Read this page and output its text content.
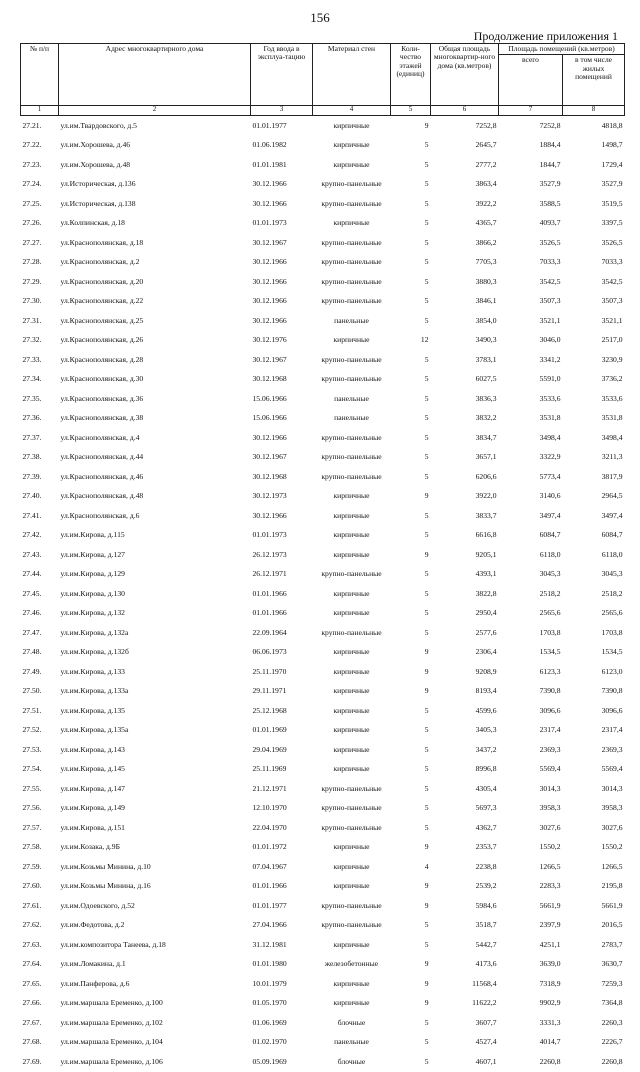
156
Продолжение приложения 1
№ п/п	Адрес многоквартирного дома	Год ввода в эксплуа-тацию	Материал стен	Коли-чество этажей (единиц)	Общая площадь многоквартир-ного дома (кв.метров)	Площадь помещений (кв.метров)	
						всего	в том числе жилых помещений
1	2	3	4	5	6	7	8
27.21.	ул.им.Твардовского, д.5	01.01.1977	кирпичные	9	7252,8	7252,8	4818,8
27.22.	ул.им.Хорошева, д.46	01.06.1982	кирпичные	5	2645,7	1884,4	1498,7
27.23.	ул.им.Хорошева, д.48	01.01.1981	кирпичные	5	2777,2	1844,7	1729,4
27.24.	ул.Историческая, д.136	30.12.1966	крупно-панельные	5	3863,4	3527,9	3527,9
27.25.	ул.Историческая, д.138	30.12.1966	крупно-панельные	5	3922,2	3588,5	3519,5
27.26.	ул.Колпинская, д.18	01.01.1973	кирпичные	5	4365,7	4093,7	3397,5
27.27.	ул.Краснополянская, д.18	30.12.1967	крупно-панельные	5	3866,2	3526,5	3526,5
27.28.	ул.Краснополянская, д.2	30.12.1966	крупно-панельные	5	7705,3	7033,3	7033,3
27.29.	ул.Краснополянская, д.20	30.12.1966	крупно-панельные	5	3880,3	3542,5	3542,5
27.30.	ул.Краснополянская, д.22	30.12.1966	крупно-панельные	5	3846,1	3507,3	3507,3
27.31.	ул.Краснополянская, д.25	30.12.1966	панельные	5	3854,0	3521,1	3521,1
27.32.	ул.Краснополянская, д.26	30.12.1976	кирпичные	12	3490,3	3046,0	2517,0
27.33.	ул.Краснополянская, д.28	30.12.1967	крупно-панельные	5	3783,1	3341,2	3230,9
27.34.	ул.Краснополянская, д.30	30.12.1968	крупно-панельные	5	6027,5	5591,0	3736,2
27.35.	ул.Краснополянская, д.36	15.06.1966	панельные	5	3836,3	3533,6	3533,6
27.36.	ул.Краснополянская, д.38	15.06.1966	панельные	5	3832,2	3531,8	3531,8
27.37.	ул.Краснополянская, д.4	30.12.1966	крупно-панельные	5	3834,7	3498,4	3498,4
27.38.	ул.Краснополянская, д.44	30.12.1967	крупно-панельные	5	3657,1	3322,9	3211,3
27.39.	ул.Краснополянская, д.46	30.12.1968	крупно-панельные	5	6206,6	5773,4	3817,9
27.40.	ул.Краснополянская, д.48	30.12.1973	кирпичные	9	3922,0	3140,6	2964,5
27.41.	ул.Краснополянская, д.6	30.12.1966	кирпичные	5	3833,7	3497,4	3497,4
27.42.	ул.им.Кирова, д.115	01.01.1973	кирпичные	5	6616,8	6084,7	6084,7
27.43.	ул.им.Кирова, д.127	26.12.1973	кирпичные	9	9205,1	6118,0	6118,0
27.44.	ул.им.Кирова, д.129	26.12.1971	крупно-панельные	5	4393,1	3045,3	3045,3
27.45.	ул.им.Кирова, д.130	01.01.1966	кирпичные	5	3822,8	2518,2	2518,2
27.46.	ул.им.Кирова, д.132	01.01.1966	кирпичные	5	2950,4	2565,6	2565,6
27.47.	ул.им.Кирова, д.132а	22.09.1964	крупно-панельные	5	2577,6	1703,8	1703,8
27.48.	ул.им.Кирова, д.132б	06.06.1973	кирпичные	9	2306,4	1534,5	1534,5
27.49.	ул.им.Кирова, д.133	25.11.1970	кирпичные	9	9208,9	6123,3	6123,0
27.50.	ул.им.Кирова, д.133а	29.11.1971	кирпичные	9	8193,4	7390,8	7390,8
27.51.	ул.им.Кирова, д.135	25.12.1968	кирпичные	5	4599,6	3096,6	3096,6
27.52.	ул.им.Кирова, д.135а	01.01.1969	кирпичные	5	3405,3	2317,4	2317,4
27.53.	ул.им.Кирова, д.143	29.04.1969	кирпичные	5	3437,2	2369,3	2369,3
27.54.	ул.им.Кирова, д.145	25.11.1969	кирпичные	5	8996,8	5569,4	5569,4
27.55.	ул.им.Кирова, д.147	21.12.1971	крупно-панельные	5	4305,4	3014,3	3014,3
27.56.	ул.им.Кирова, д.149	12.10.1970	крупно-панельные	5	5697,3	3958,3	3958,3
27.57.	ул.им.Кирова, д.151	22.04.1970	крупно-панельные	5	4362,7	3027,6	3027,6
27.58.	ул.им.Козака, д.9Б	01.01.1972	кирпичные	9	2353,7	1550,2	1550,2
27.59.	ул.им.Козьмы Минина, д.10	07.04.1967	кирпичные	4	2238,8	1266,5	1266,5
27.60.	ул.им.Козьмы Минина, д.16	01.01.1966	кирпичные	9	2539,2	2283,3	2195,8
27.61.	ул.им.Одоевского, д.52	01.01.1977	крупно-панельные	9	5984,6	5661,9	5661,9
27.62.	ул.им.Федотова, д.2	27.04.1966	крупно-панельные	5	3518,7	2397,9	2016,5
27.63.	ул.им.композитора Танеева, д.18	31.12.1981	кирпичные	5	5442,7	4251,1	2783,7
27.64.	ул.им.Ломакина, д.1	01.01.1980	железобетонные	9	4173,6	3639,0	3630,7
27.65.	ул.им.Панферова, д.6	10.01.1979	кирпичные	9	11568,4	7318,9	7259,3
27.66.	ул.им.маршала Еременко, д.100	01.05.1970	кирпичные	9	11622,2	9902,9	7364,8
27.67.	ул.им.маршала Еременко, д.102	01.06.1969	блочные	5	3607,7	3331,3	2260,3
27.68.	ул.им.маршала Еременко, д.104	01.02.1970	панельные	5	4527,4	4014,7	2226,7
27.69.	ул.им.маршала Еременко, д.106	05.09.1969	блочные	5	4607,1	2260,8	2260,8
